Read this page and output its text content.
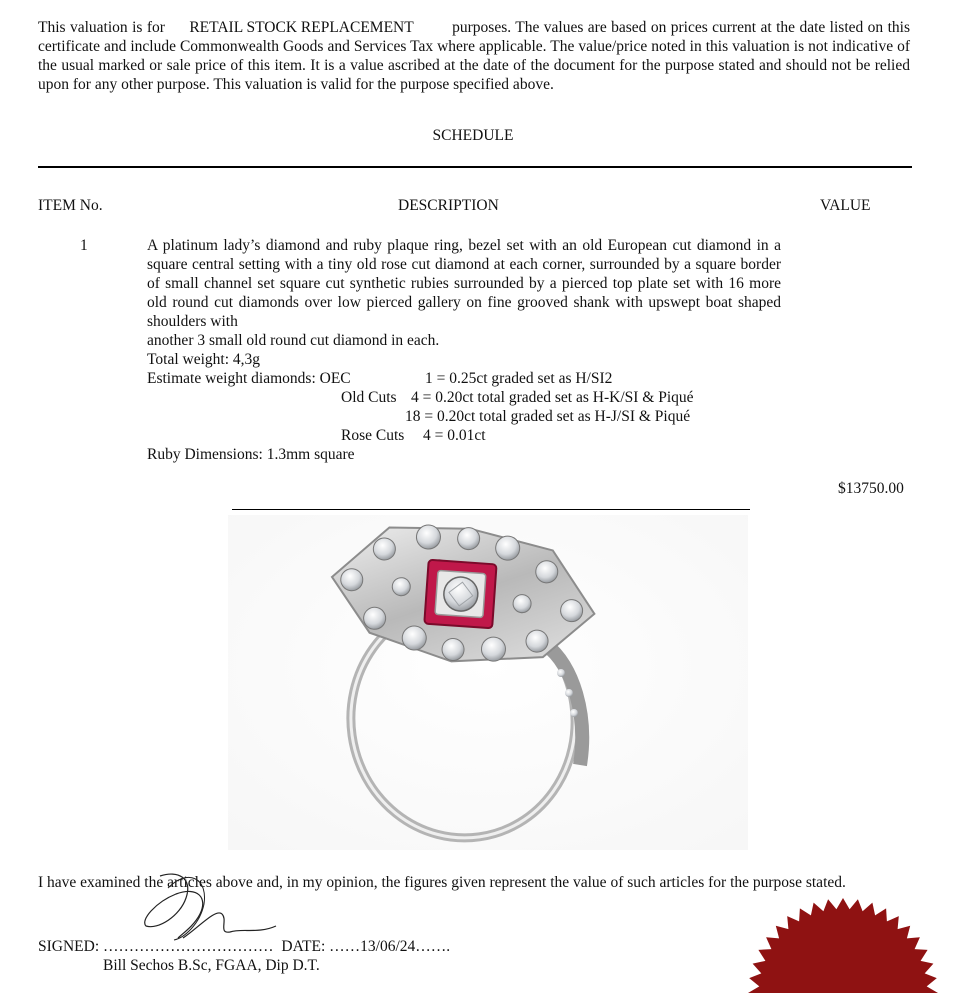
This valuation is for RETAIL STOCK REPLACEMENT purposes. The values are based on prices current at the date listed on this certificate and include Commonwealth Goods and Services Tax where applicable. The value/price noted in this valuation is not indicative of the usual marked or sale price of this item. It is a value ascribed at the date of the document for the purpose stated and should not be relied upon for any other purpose. This valuation is valid for the purpose specified above.
SCHEDULE
ITEM No.	DESCRIPTION	VALUE
1	A platinum lady’s diamond and ruby plaque ring, bezel set with an old European cut diamond in a square central setting with a tiny old rose cut diamond at each corner, surrounded by a square border of small channel set square cut synthetic rubies surrounded by a pierced top plate set with 16 more old round cut diamonds over low pierced gallery on fine grooved shank with upswept boat shaped shoulders with
another 3 small old round cut diamond in each.
Total weight: 4,3g
Estimate weight diamonds: OEC	1 = 0.25ct graded set as H/SI2
Old Cuts 4 = 0.20ct total graded set as H-K/SI & Piqué
18 = 0.20ct total graded set as H-J/SI & Piqué
Rose Cuts 4 = 0.01ct
Ruby Dimensions: 1.3mm square
$13750.00
I have examined the articles above and, in my opinion, the figures given represent the value of such articles for the purpose stated.
SIGNED: …………………………… DATE: ……13/06/24…….
Bill Sechos B.Sc, FGAA, Dip D.T.
